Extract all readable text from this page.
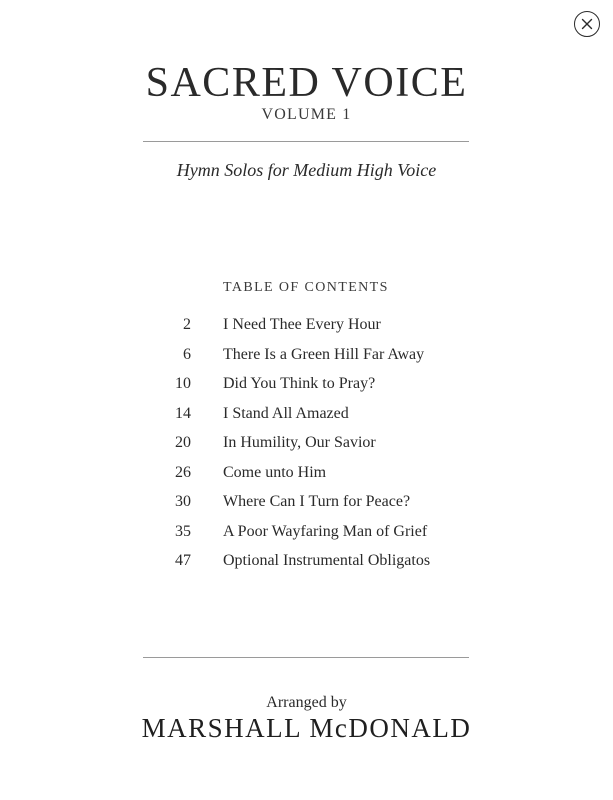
SACRED VOICE
VOLUME 1
Hymn Solos for Medium High Voice
TABLE OF CONTENTS
2 I Need Thee Every Hour
6 There Is a Green Hill Far Away
10 Did You Think to Pray?
14 I Stand All Amazed
20 In Humility, Our Savior
26 Come unto Him
30 Where Can I Turn for Peace?
35 A Poor Wayfaring Man of Grief
47 Optional Instrumental Obligatos
Arranged by
MARSHALL McDONALD
